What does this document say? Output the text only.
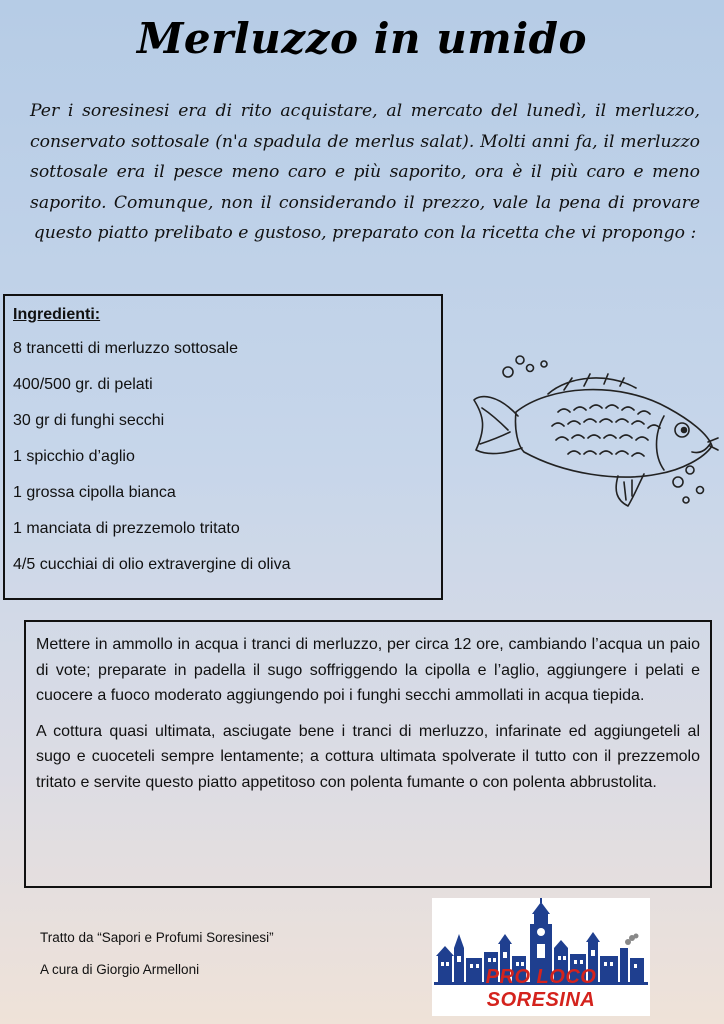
Merluzzo in umido
Per i soresinesi era di rito acquistare, al mercato del lunedì, il merluzzo, conservato sottosale (n'a spadula de merlus salat). Molti anni fa, il merluzzo sottosale era il pesce meno caro e più saporito, ora è il più caro e meno saporito. Comunque, non il considerando il prezzo, vale la pena di provare questo piatto prelibato e gustoso, preparato con la ricetta che vi propongo :
Ingredienti:
8 trancetti di merluzzo sottosale
400/500 gr. di pelati
30 gr di funghi secchi
1 spicchio d’aglio
1 grossa cipolla bianca
1 manciata di prezzemolo tritato
4/5 cucchiai di olio extravergine di oliva

Mettere in ammollo in acqua i tranci di merluzzo, per circa 12 ore, cambiando l’acqua un paio di vote; preparate in padella il sugo soffriggendo la cipolla e l’aglio, aggiungere i pelati e cuocere a fuoco moderato aggiungendo poi i funghi secchi ammollati in acqua tiepida.

A cottura quasi ultimata, asciugate bene i tranci di merluzzo, infarinate ed aggiungeteli al sugo e cuoceteli sempre lentamente; a cottura ultimata spolverate il tutto con il prezzemolo tritato e servite questo piatto appetitoso con polenta fumante o con polenta abbrustolita.

Tratto da “Sapori e Profumi Soresinesi”
A cura di Giorgio Armelloni	PRO LOCO SORESINA
